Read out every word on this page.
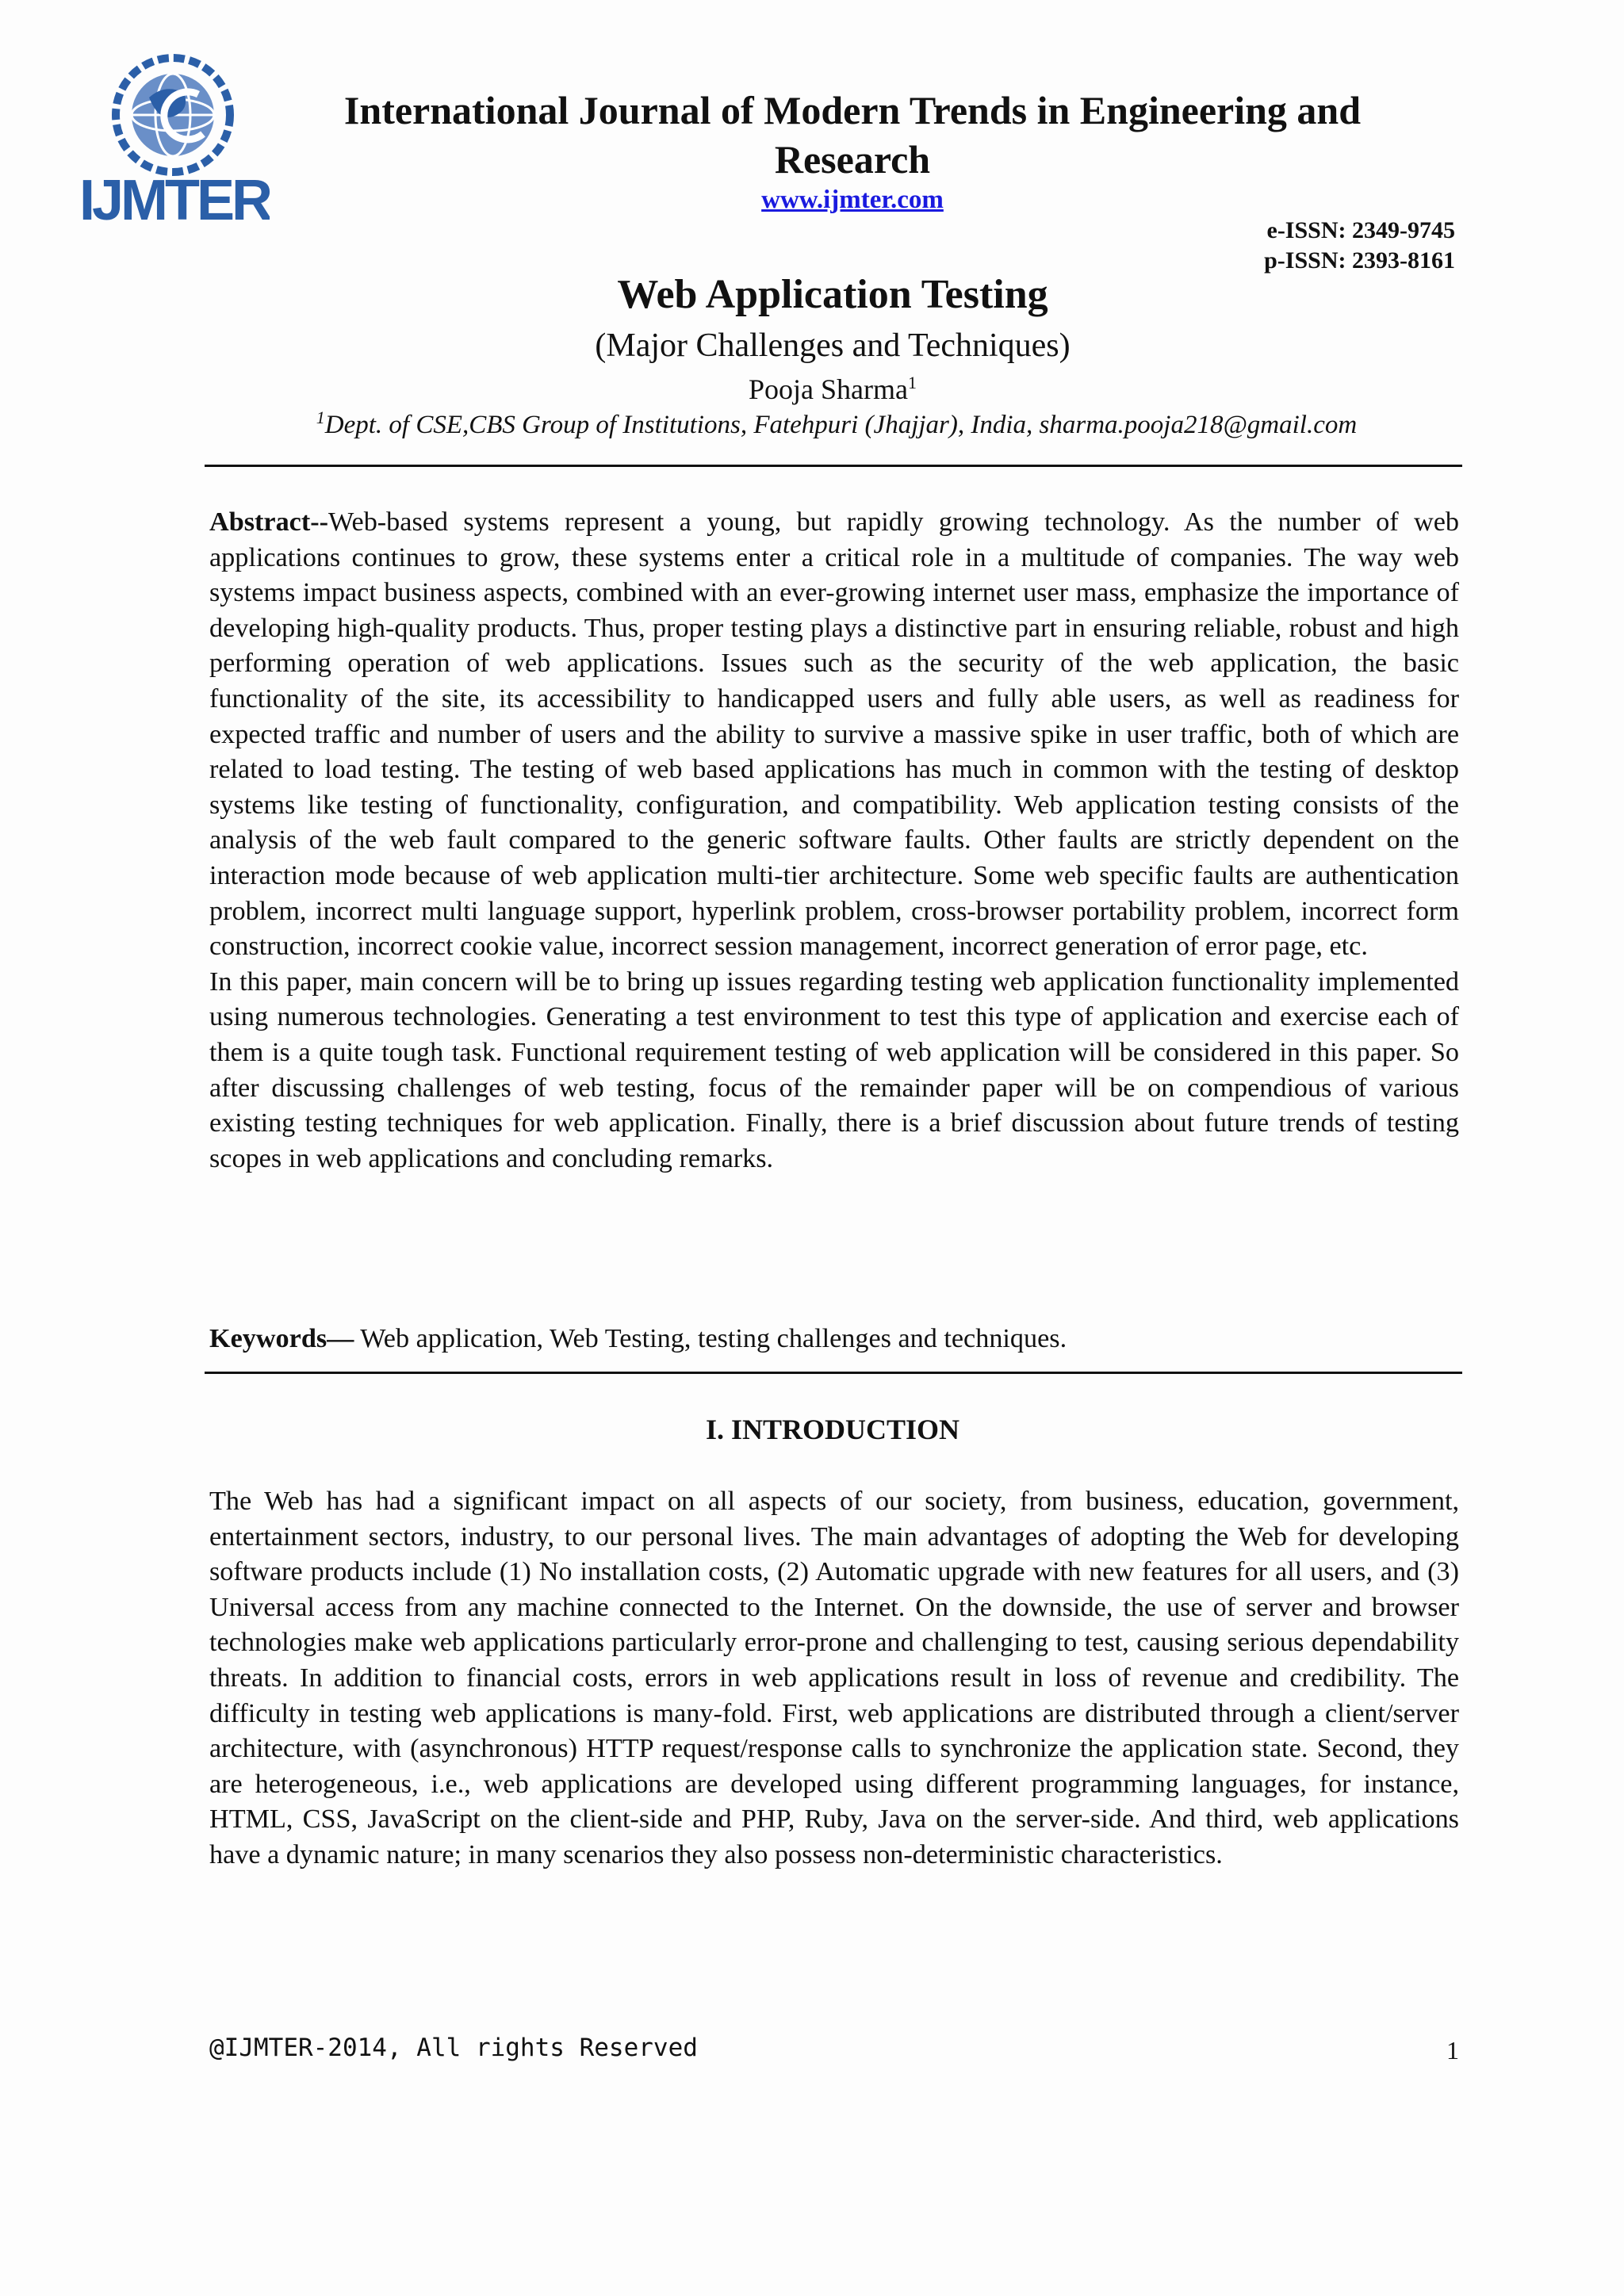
IJMTER
International Journal of Modern Trends in Engineering and Research
www.ijmter.com
e-ISSN: 2349-9745
p-ISSN: 2393-8161
Web Application Testing
(Major Challenges and Techniques)
Pooja Sharma$^1$
$^1$Dept. of CSE,CBS Group of Institutions, Fatehpuri (Jhajjar), India, sharma.pooja218@gmail.com

Abstract--Web-based systems represent a young, but rapidly growing technology. As the number of web applications continues to grow, these systems enter a critical role in a multitude of companies. The way web systems impact business aspects, combined with an ever-growing internet user mass, emphasize the importance of developing high-quality products. Thus, proper testing plays a distinctive part in ensuring reliable, robust and high performing operation of web applications. Issues such as the security of the web application, the basic functionality of the site, its accessibility to handicapped users and fully able users, as well as readiness for expected traffic and number of users and the ability to survive a massive spike in user traffic, both of which are related to load testing. The testing of web based applications has much in common with the testing of desktop systems like testing of functionality, configuration, and compatibility. Web application testing consists of the analysis of the web fault compared to the generic software faults. Other faults are strictly dependent on the interaction mode because of web application multi-tier architecture. Some web specific faults are authentication problem, incorrect multi language support, hyperlink problem, cross-browser portability problem, incorrect form construction, incorrect cookie value, incorrect session management, incorrect generation of error page, etc.

In this paper, main concern will be to bring up issues regarding testing web application functionality implemented using numerous technologies. Generating a test environment to test this type of application and exercise each of them is a quite tough task. Functional requirement testing of web application will be considered in this paper. So after discussing challenges of web testing, focus of the remainder paper will be on compendious of various existing testing techniques for web application. Finally, there is a brief discussion about future trends of testing scopes in web applications and concluding remarks.

Keywords— Web application, Web Testing, testing challenges and techniques.
I. INTRODUCTION
The Web has had a significant impact on all aspects of our society, from business, education, government, entertainment sectors, industry, to our personal lives. The main advantages of adopting the Web for developing software products include (1) No installation costs, (2) Automatic upgrade with new features for all users, and (3) Universal access from any machine connected to the Internet. On the downside, the use of server and browser technologies make web applications particularly error-prone and challenging to test, causing serious dependability threats. In addition to financial costs, errors in web applications result in loss of revenue and credibility. The difficulty in testing web applications is many-fold. First, web applications are distributed through a client/server architecture, with (asynchronous) HTTP request/response calls to synchronize the application state. Second, they are heterogeneous, i.e., web applications are developed using different programming languages, for instance, HTML, CSS, JavaScript on the client-side and PHP, Ruby, Java on the server-side. And third, web applications have a dynamic nature; in many scenarios they also possess non-deterministic characteristics.
@IJMTER-2014, All rights Reserved	1
